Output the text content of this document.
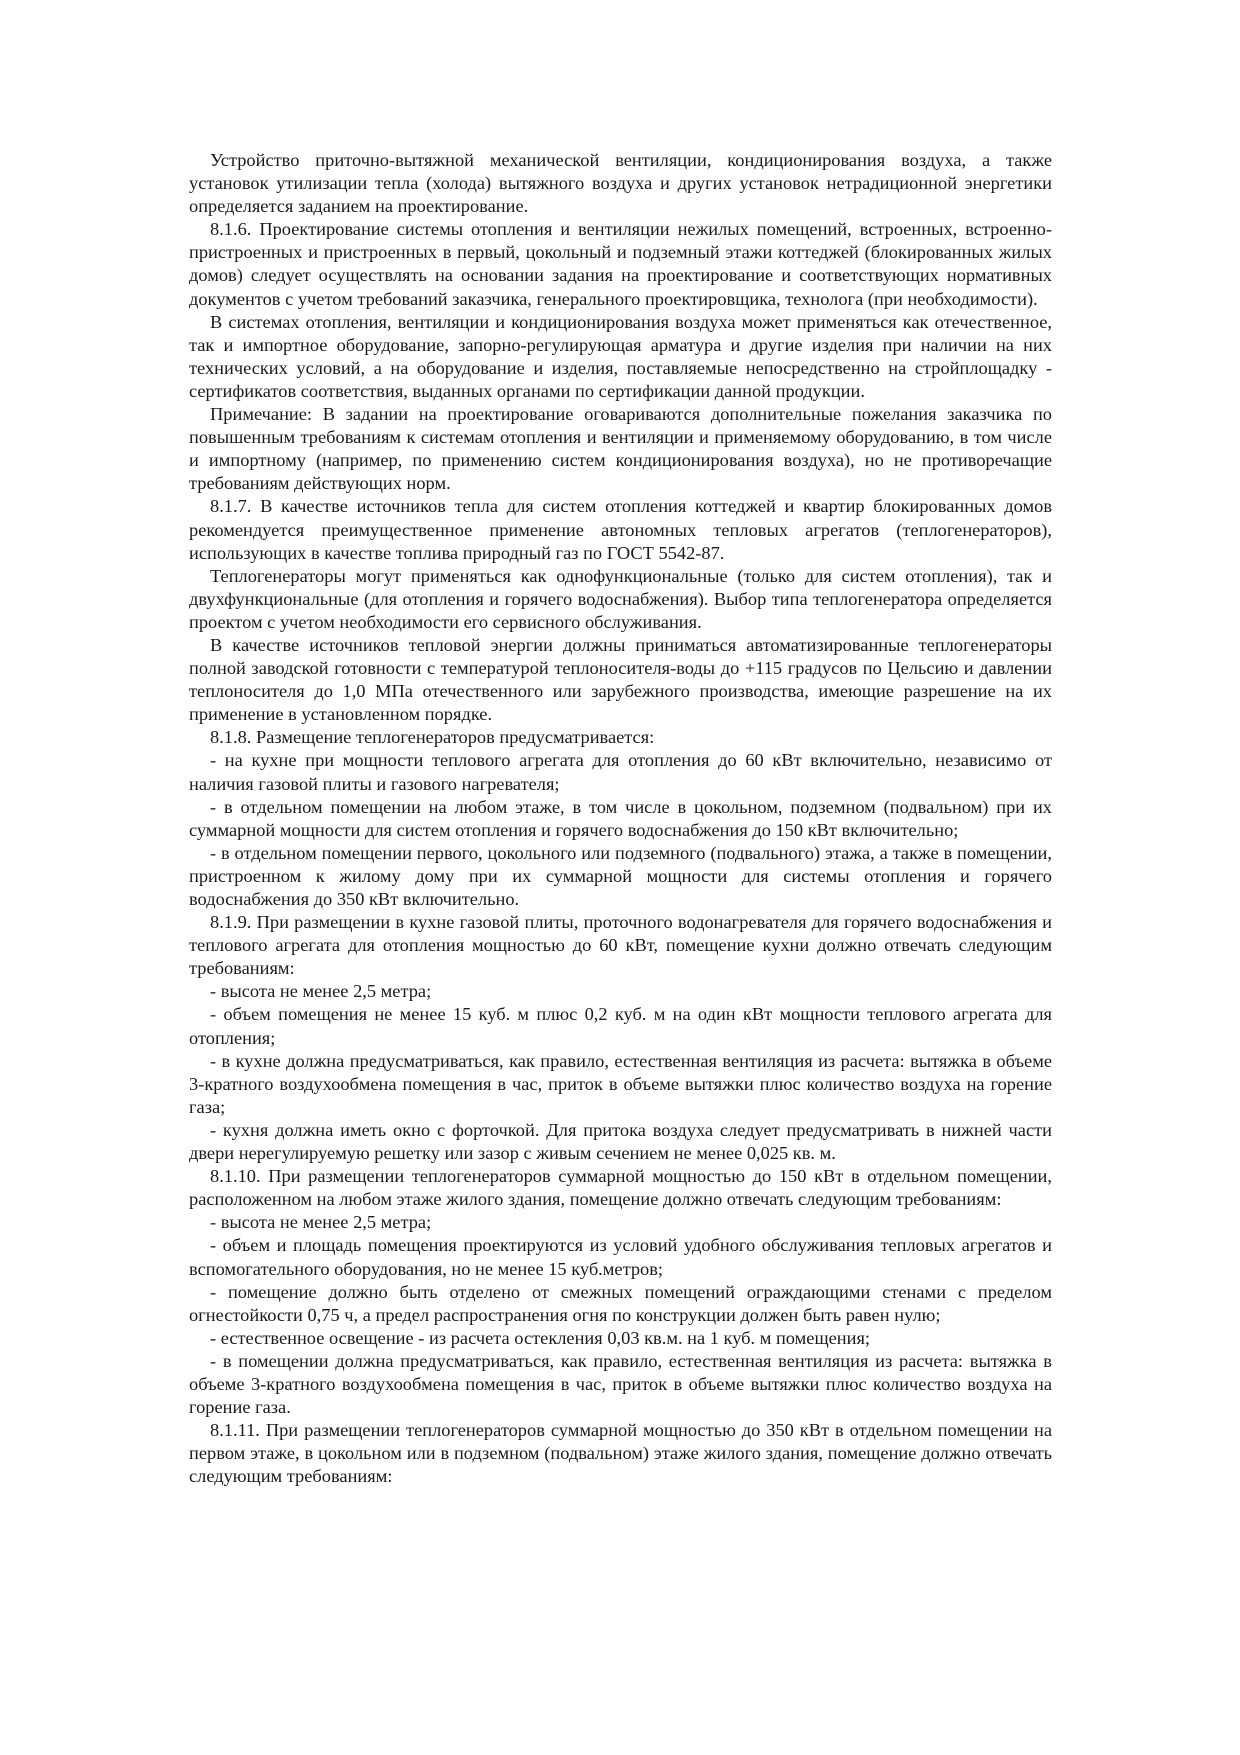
Устройство приточно-вытяжной механической вентиляции, кондиционирования воздуха, а также установок утилизации тепла (холода) вытяжного воздуха и других установок нетрадиционной энергетики определяется заданием на проектирование.

8.1.6. Проектирование системы отопления и вентиляции нежилых помещений, встроенных, встроенно-пристроенных и пристроенных в первый, цокольный и подземный этажи коттеджей (блокированных жилых домов) следует осуществлять на основании задания на проектирование и соответствующих нормативных документов с учетом требований заказчика, генерального проектировщика, технолога (при необходимости).

В системах отопления, вентиляции и кондиционирования воздуха может применяться как отечественное, так и импортное оборудование, запорно-регулирующая арматура и другие изделия при наличии на них технических условий, а на оборудование и изделия, поставляемые непосредственно на стройплощадку - сертификатов соответствия, выданных органами по сертификации данной продукции.

Примечание: В задании на проектирование оговариваются дополнительные пожелания заказчика по повышенным требованиям к системам отопления и вентиляции и применяемому оборудованию, в том числе и импортному (например, по применению систем кондиционирования воздуха), но не противоречащие требованиям действующих норм.

8.1.7. В качестве источников тепла для систем отопления коттеджей и квартир блокированных домов рекомендуется преимущественное применение автономных тепловых агрегатов (теплогенераторов), использующих в качестве топлива природный газ по ГОСТ 5542-87.

Теплогенераторы могут применяться как однофункциональные (только для систем отопления), так и двухфункциональные (для отопления и горячего водоснабжения). Выбор типа теплогенератора определяется проектом с учетом необходимости его сервисного обслуживания.

В качестве источников тепловой энергии должны приниматься автоматизированные теплогенераторы полной заводской готовности с температурой теплоносителя-воды до +115 градусов по Цельсию и давлении теплоносителя до 1,0 МПа отечественного или зарубежного производства, имеющие разрешение на их применение в установленном порядке.

8.1.8. Размещение теплогенераторов предусматривается:

- на кухне при мощности теплового агрегата для отопления до 60 кВт включительно, независимо от наличия газовой плиты и газового нагревателя;

- в отдельном помещении на любом этаже, в том числе в цокольном, подземном (подвальном) при их суммарной мощности для систем отопления и горячего водоснабжения до 150 кВт включительно;

- в отдельном помещении первого, цокольного или подземного (подвального) этажа, а также в помещении, пристроенном к жилому дому при их суммарной мощности для системы отопления и горячего водоснабжения до 350 кВт включительно.

8.1.9. При размещении в кухне газовой плиты, проточного водонагревателя для горячего водоснабжения и теплового агрегата для отопления мощностью до 60 кВт, помещение кухни должно отвечать следующим требованиям:

- высота не менее 2,5 метра;

- объем помещения не менее 15 куб. м плюс 0,2 куб. м на один кВт мощности теплового агрегата для отопления;

- в кухне должна предусматриваться, как правило, естественная вентиляция из расчета: вытяжка в объеме 3-кратного воздухообмена помещения в час, приток в объеме вытяжки плюс количество воздуха на горение газа;

- кухня должна иметь окно с форточкой. Для притока воздуха следует предусматривать в нижней части двери нерегулируемую решетку или зазор с живым сечением не менее 0,025 кв. м.

8.1.10. При размещении теплогенераторов суммарной мощностью до 150 кВт в отдельном помещении, расположенном на любом этаже жилого здания, помещение должно отвечать следующим требованиям:

- высота не менее 2,5 метра;

- объем и площадь помещения проектируются из условий удобного обслуживания тепловых агрегатов и вспомогательного оборудования, но не менее 15 куб.метров;

- помещение должно быть отделено от смежных помещений ограждающими стенами с пределом огнестойкости 0,75 ч, а предел распространения огня по конструкции должен быть равен нулю;

- естественное освещение - из расчета остекления 0,03 кв.м. на 1 куб. м помещения;

- в помещении должна предусматриваться, как правило, естественная вентиляция из расчета: вытяжка в объеме 3-кратного воздухообмена помещения в час, приток в объеме вытяжки плюс количество воздуха на горение газа.

8.1.11. При размещении теплогенераторов суммарной мощностью до 350 кВт в отдельном помещении на первом этаже, в цокольном или в подземном (подвальном) этаже жилого здания, помещение должно отвечать следующим требованиям:
